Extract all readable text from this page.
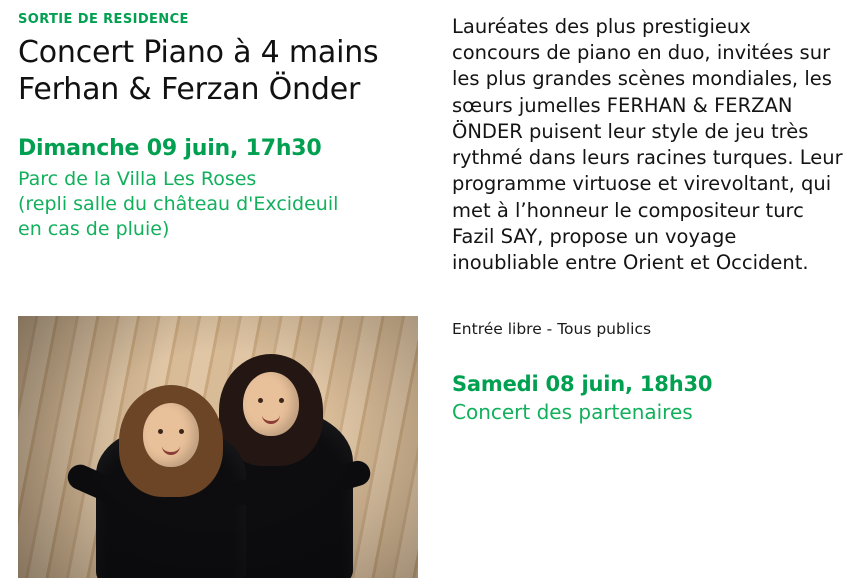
SORTIE DE RESIDENCE
Concert Piano à 4 mains
Ferhan & Ferzan Önder
Dimanche 09 juin, 17h30

Parc de la Villa Les Roses
(repli salle du château d'Excideuil
en cas de pluie)

Lauréates des plus prestigieux concours de piano en duo, invitées sur les plus grandes scènes mondiales, les sœurs jumelles FERHAN & FERZAN ÖNDER puisent leur style de jeu très rythmé dans leurs racines turques. Leur programme virtuose et virevoltant, qui met à l’honneur le compositeur turc Fazil SAY, propose un voyage inoubliable entre Orient et Occident.

Entrée libre - Tous publics

Samedi 08 juin, 18h30

Concert des partenaires
